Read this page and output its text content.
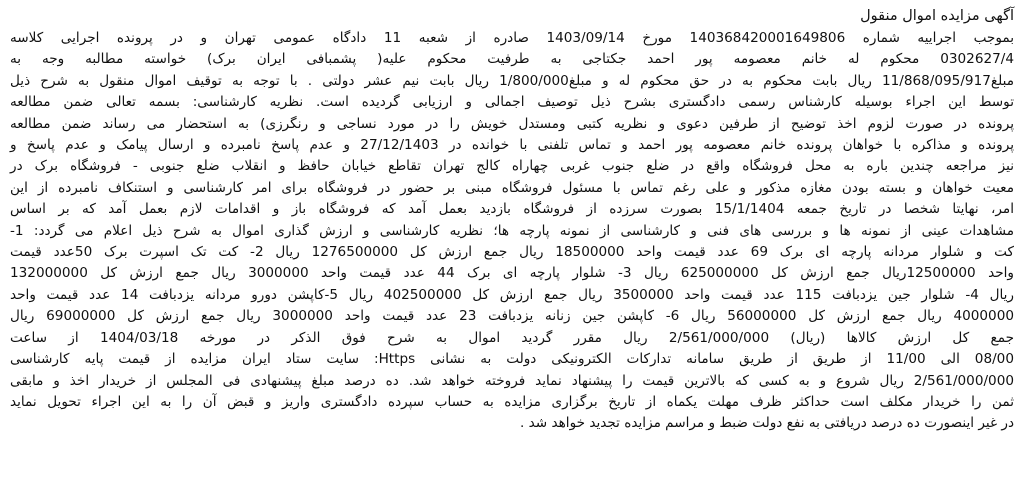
آگهی مزایده اموال منقول
بموجب اجراییه شماره 140368420001649806 مورخ 1403/09/14 صادره از شعبه 11 دادگاه عمومی تهران و در پرونده اجرایی کلاسه
0302627/4 محکوم له خانم معصومه پور احمد جکتاجی به طرفیت محکوم علیه( پشمبافی ایران برک) خواسته مطالبه وجه به
مبلغ11/868/095/917 ریال بابت محکوم به در حق محکوم له و مبلغ1/800/000 ریال بابت نیم عشر دولتی . با توجه به توقیف اموال منقول به شرح ذیل
توسط این اجراء بوسیله کارشناس رسمی دادگستری بشرح ذیل توصیف اجمالی و ارزیابی گردیده است. نظریه کارشناسی: بسمه تعالی ضمن مطالعه
پرونده در صورت لزوم اخذ توضیح از طرفین دعوی و نظریه کتبی ومستدل خویش را در مورد نساجی و رنگرزی) به استحضار می رساند ضمن مطالعه
پرونده و مذاکره با خواهان پرونده خانم معصومه پور احمد و تماس تلفنی با خوانده در 27/12/1403 و عدم پاسخ نامبرده و ارسال پیامک و عدم پاسخ و
نیز مراجعه چندین باره به محل فروشگاه واقع در ضلع جنوب غربی چهاراه کالج تهران تقاطع خیابان حافظ و انقلاب ضلع جنوبی - فروشگاه برک در
معیت خواهان و بسته بودن مغازه مذکور و علی رغم تماس با مسئول فروشگاه مبنی بر حضور در فروشگاه برای امر کارشناسی و استنکاف نامبرده از این
امر، نهایتا شخصا در تاریخ جمعه 15/1/1404 بصورت سرزده از فروشگاه بازدید بعمل آمد که فروشگاه باز و اقدامات لازم بعمل آمد که بر اساس
مشاهدات عینی از نمونه ها و بررسی های فنی و کارشناسی از نمونه پارچه ها؛ نظریه کارشناسی و ارزش گذاری اموال به شرح ذیل اعلام می گردد: 1-
کت و شلوار مردانه پارچه ای برک 69 عدد قیمت واحد 18500000 ریال جمع ارزش کل 1276500000 ریال 2- کت تک اسپرت برک 50عدد قیمت
واحد 12500000ریال جمع ارزش کل 625000000 ریال 3- شلوار پارچه ای برک 44 عدد قیمت واحد 3000000 ریال جمع ارزش کل 132000000
ریال 4- شلوار جین یزدبافت 115 عدد قیمت واحد 3500000 ریال جمع ارزش کل 402500000 ریال 5-کاپشن دورو مردانه یزدبافت 14 عدد قیمت واحد
4000000 ریال جمع ارزش کل 56000000 ریال 6- کاپشن جین زنانه یزدبافت 23 عدد قیمت واحد 3000000 ریال جمع ارزش کل 69000000 ریال
جمع کل ارزش کالاها (ریال) 2/561/000/000 ریال مقرر گردید اموال به شرح فوق الذکر در مورخه 1404/03/18 از ساعت
08/00 الی 11/00 از طریق از طریق سامانه تدارکات الکترونیکی دولت به نشانی Https: سایت ستاد ایران مزایده از قیمت پایه کارشناسی
2/561/000/000 ریال شروع و به کسی که بالاترین قیمت را پیشنهاد نماید فروخته خواهد شد. ده درصد مبلغ پیشنهادی فی المجلس از خریدار اخذ و مابقی
ثمن را خریدار مکلف است حداکثر ظرف مهلت یکماه از تاریخ برگزاری مزایده به حساب سپرده دادگستری واریز و قبض آن را به این اجراء تحویل نماید
در غیر اینصورت ده درصد دریافتی به نفع دولت ضبط و مراسم مزایده تجدید خواهد شد .
